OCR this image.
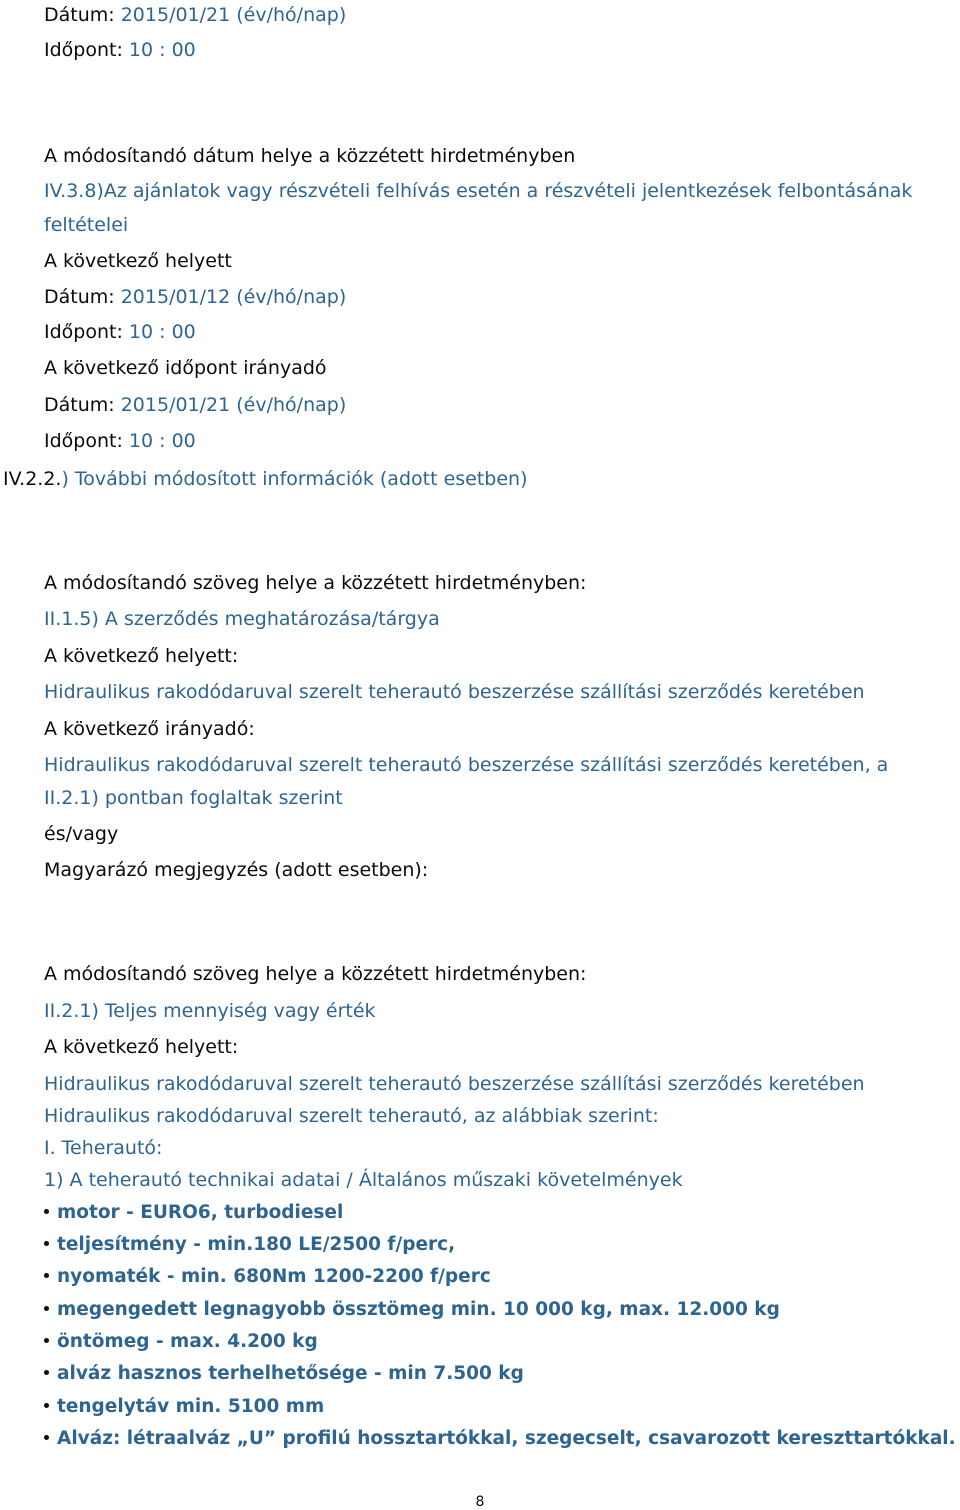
Dátum: 2015/01/21 (év/hó/nap)
Időpont: 10 : 00
A módosítandó dátum helye a közzétett hirdetményben
IV.3.8)Az ajánlatok vagy részvételi felhívás esetén a részvételi jelentkezések felbontásának
feltételei
A következő helyett
Dátum: 2015/01/12 (év/hó/nap)
Időpont: 10 : 00
A következő időpont irányadó
Dátum: 2015/01/21 (év/hó/nap)
Időpont: 10 : 00
IV.2.2.) További módosított információk (adott esetben)
A módosítandó szöveg helye a közzétett hirdetményben:
II.1.5) A szerződés meghatározása/tárgya
A következő helyett:
Hidraulikus rakodódaruval szerelt teherautó beszerzése szállítási szerződés keretében
A következő irányadó:
Hidraulikus rakodódaruval szerelt teherautó beszerzése szállítási szerződés keretében, a
II.2.1) pontban foglaltak szerint
és/vagy
Magyarázó megjegyzés (adott esetben):
A módosítandó szöveg helye a közzétett hirdetményben:
II.2.1) Teljes mennyiség vagy érték
A következő helyett:
Hidraulikus rakodódaruval szerelt teherautó beszerzése szállítási szerződés keretében
Hidraulikus rakodódaruval szerelt teherautó, az alábbiak szerint:
I. Teherautó:
1) A teherautó technikai adatai / Általános műszaki követelmények
motor - EURO6, turbodiesel
teljesítmény - min.180 LE/2500 f/perc,
nyomaték - min. 680Nm 1200-2200 f/perc
megengedett legnagyobb össztömeg min. 10 000 kg, max. 12.000 kg
öntömeg - max. 4.200 kg
alváz hasznos terhelhetősége - min 7.500 kg
tengelytáv min. 5100 mm
Alváz: létraalváz „U” profilú hossztartókkal, szegecselt, csavarozott kereszttartókkal.
8
